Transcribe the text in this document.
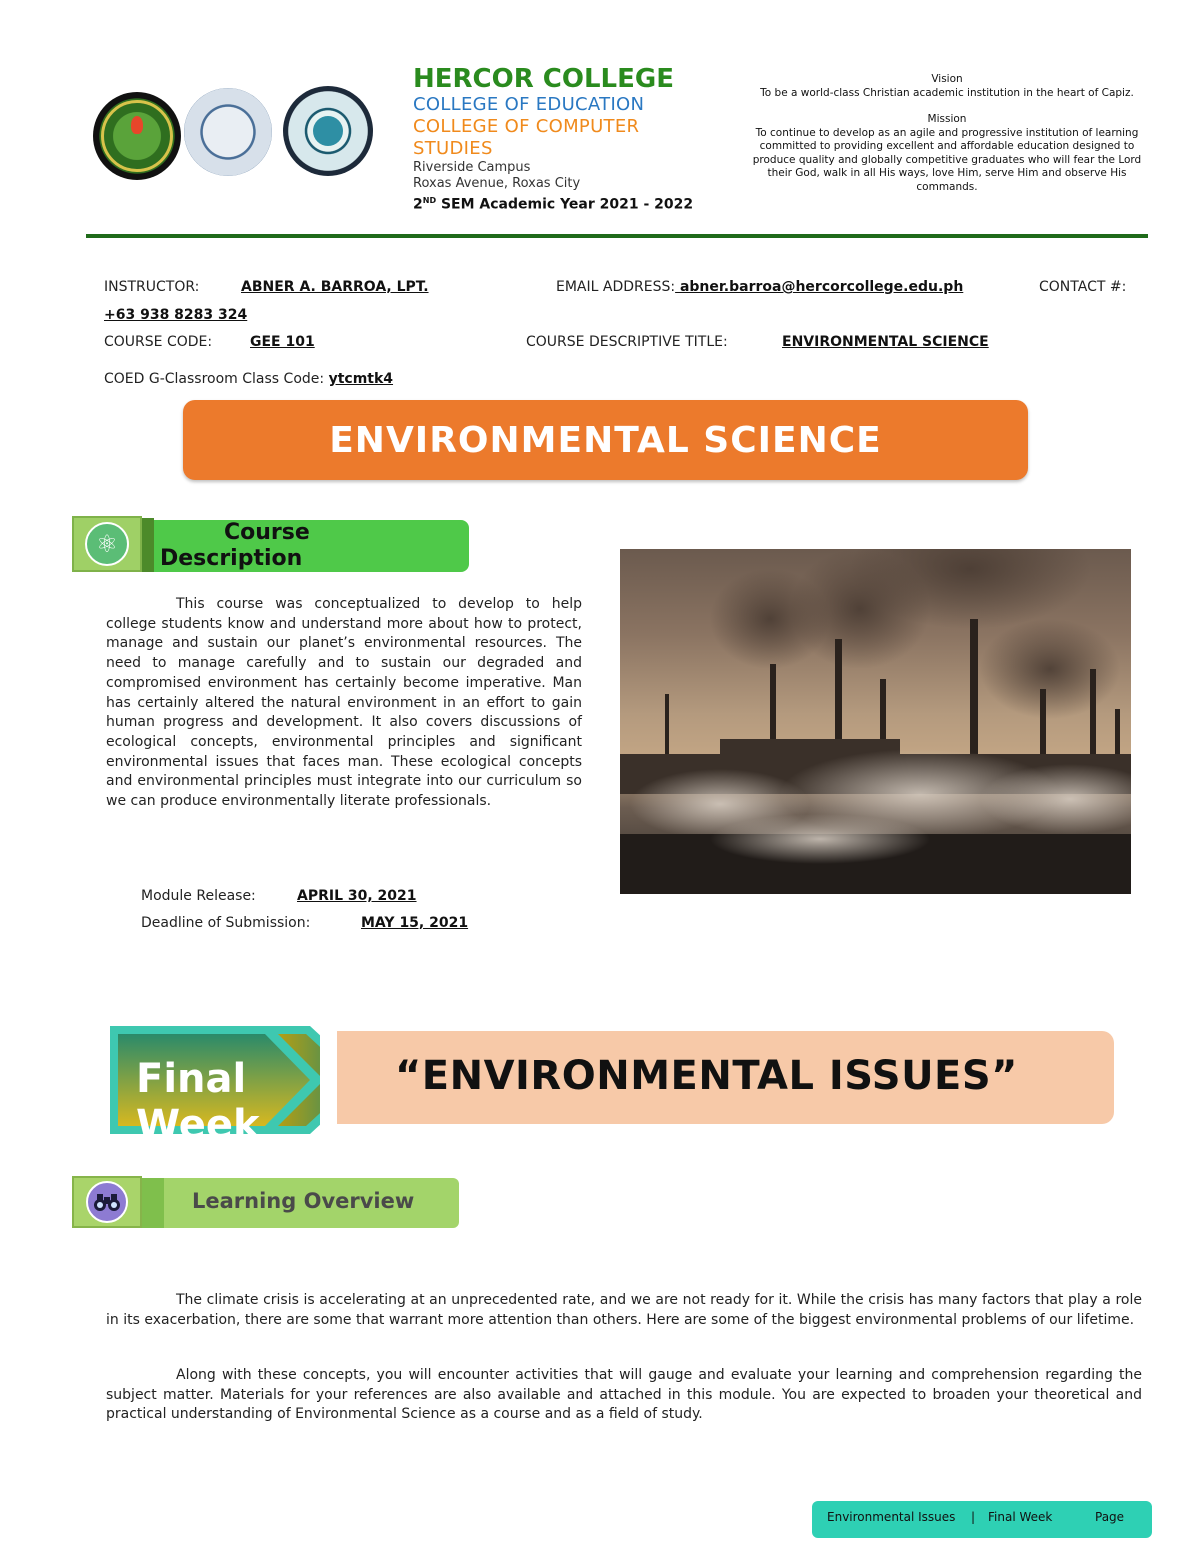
HERCOR COLLEGE
COLLEGE OF EDUCATION
COLLEGE OF COMPUTER STUDIES
Riverside Campus
Roxas Avenue, Roxas City
2ND SEM Academic Year 2021 - 2022
Vision
To be a world-class Christian academic institution in the heart of Capiz.
Mission
To continue to develop as an agile and progressive institution of learning committed to providing excellent and affordable education designed to produce quality and globally competitive graduates who will fear the Lord their God, walk in all His ways, love Him, serve Him and observe His commands.
INSTRUCTOR:	ABNER A. BARROA, LPT.	EMAIL ADDRESS: abner.barroa@hercorcollege.edu.ph	CONTACT #:
+63 938 8283 324
COURSE CODE:	GEE 101	COURSE DESCRIPTIVE TITLE:	ENVIRONMENTAL SCIENCE
COED G-Classroom Class Code: ytcmtk4
ENVIRONMENTAL SCIENCE
⚛	Course
Description

This course was conceptualized to develop to help college students know and understand more about how to protect, manage and sustain our planet’s environmental resources. The need to manage carefully and to sustain our degraded and compromised environment has certainly become imperative. Man has certainly altered the natural environment in an effort to gain human progress and development. It also covers discussions of ecological concepts, environmental principles and significant environmental issues that faces man. These ecological concepts and environmental principles must integrate into our curriculum so we can produce environmentally literate professionals.

Module Release:	APRIL 30, 2021
Deadline of Submission:	MAY 15, 2021
Final Week
“ENVIRONMENTAL ISSUES”
Learning Overview

The climate crisis is accelerating at an unprecedented rate, and we are not ready for it. While the crisis has many factors that play a role in its exacerbation, there are some that warrant more attention than others. Here are some of the biggest environmental problems of our lifetime.

Along with these concepts, you will encounter activities that will gauge and evaluate your learning and comprehension regarding the subject matter. Materials for your references are also available and attached in this module. You are expected to broaden your theoretical and practical understanding of Environmental Science as a course and as a field of study.

Environmental Issues | Final Week	Page
